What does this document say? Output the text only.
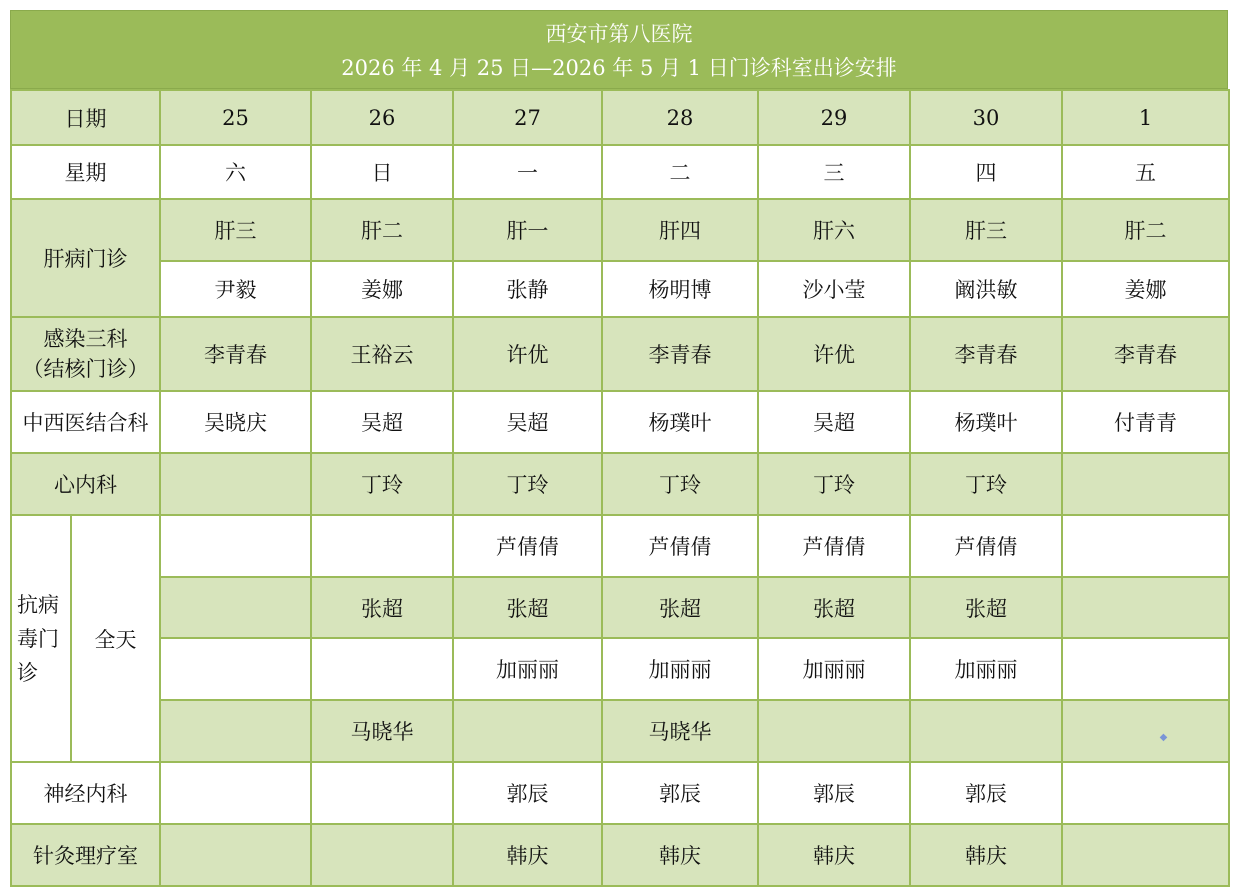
西安市第八医院
2026 年 4 月 25 日—2026 年 5 月 1 日门诊科室出诊安排
日期		25	26	27	28	29	30	1
星期		六	日	一	二	三	四	五
肝病门诊		肝三	肝二	肝一	肝四	肝六	肝三	肝二
		尹毅	姜娜	张静	杨明博	沙小莹	阚洪敏	姜娜

感染三科
（结核门诊）		李青春	王裕云	许优	李青春	许优	李青春	李青春
中西医结合科		吴晓庆	吴超	吴超	杨璞叶	吴超	杨璞叶	付青青
心内科			丁玲	丁玲	丁玲	丁玲	丁玲	

抗病毒门诊	全天			芦倩倩	芦倩倩	芦倩倩	芦倩倩	
			张超	张超	张超	张超	张超	
				加丽丽	加丽丽	加丽丽	加丽丽	
			马晓华		马晓华			◆
神经内科				郭辰	郭辰	郭辰	郭辰	
针灸理疗室				韩庆	韩庆	韩庆	韩庆	
